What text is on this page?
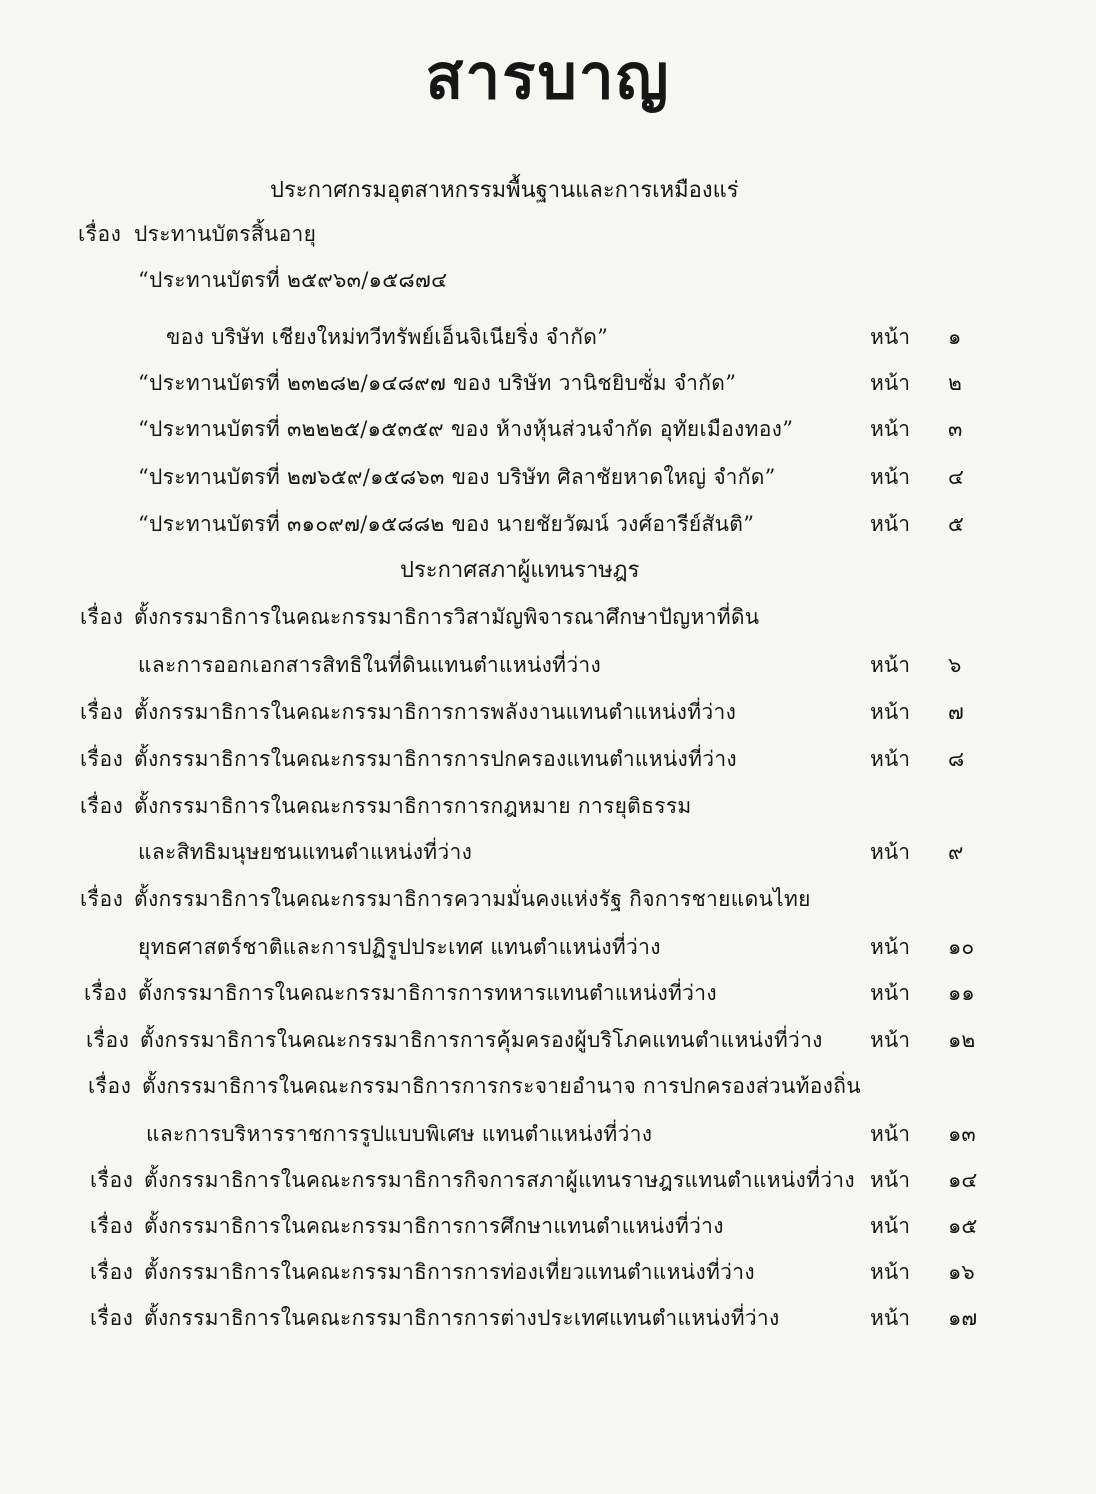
สารบาญ
ประกาศกรมอุตสาหกรรมพื้นฐานและการเหมืองแร่
เรื่อง ประทานบัตรสิ้นอายุ
“ประทานบัตรที่ ๒๕๙๖๓/๑๕๘๗๔
ของ บริษัท เชียงใหม่ทวีทรัพย์เอ็นจิเนียริ่ง จำกัด”	หน้า ๑
“ประทานบัตรที่ ๒๓๒๘๒/๑๔๘๙๗ ของ บริษัท วานิชยิบซั่ม จำกัด”	หน้า ๒
“ประทานบัตรที่ ๓๒๒๒๕/๑๕๓๕๙ ของ ห้างหุ้นส่วนจำกัด อุทัยเมืองทอง”	หน้า ๓
“ประทานบัตรที่ ๒๗๖๕๙/๑๕๘๖๓ ของ บริษัท ศิลาชัยหาดใหญ่ จำกัด”	หน้า ๔
“ประทานบัตรที่ ๓๑๐๙๗/๑๕๘๘๒ ของ นายชัยวัฒน์ วงศ์อารีย์สันติ”	หน้า ๕
ประกาศสภาผู้แทนราษฎร
เรื่อง ตั้งกรรมาธิการในคณะกรรมาธิการวิสามัญพิจารณาศึกษาปัญหาที่ดิน
และการออกเอกสารสิทธิในที่ดินแทนตำแหน่งที่ว่าง	หน้า ๖
เรื่อง ตั้งกรรมาธิการในคณะกรรมาธิการการพลังงานแทนตำแหน่งที่ว่าง	หน้า ๗
เรื่อง ตั้งกรรมาธิการในคณะกรรมาธิการการปกครองแทนตำแหน่งที่ว่าง	หน้า ๘
เรื่อง ตั้งกรรมาธิการในคณะกรรมาธิการการกฎหมาย การยุติธรรม
และสิทธิมนุษยชนแทนตำแหน่งที่ว่าง	หน้า ๙
เรื่อง ตั้งกรรมาธิการในคณะกรรมาธิการความมั่นคงแห่งรัฐ กิจการชายแดนไทย
ยุทธศาสตร์ชาติและการปฏิรูปประเทศ แทนตำแหน่งที่ว่าง	หน้า ๑๐
เรื่อง ตั้งกรรมาธิการในคณะกรรมาธิการการทหารแทนตำแหน่งที่ว่าง	หน้า ๑๑
เรื่อง ตั้งกรรมาธิการในคณะกรรมาธิการการคุ้มครองผู้บริโภคแทนตำแหน่งที่ว่าง หน้า ๑๒
เรื่อง ตั้งกรรมาธิการในคณะกรรมาธิการการกระจายอำนาจ การปกครองส่วนท้องถิ่น
และการบริหารราชการรูปแบบพิเศษ แทนตำแหน่งที่ว่าง	หน้า ๑๓
เรื่อง ตั้งกรรมาธิการในคณะกรรมาธิการกิจการสภาผู้แทนราษฎรแทนตำแหน่งที่ว่าง หน้า ๑๔
เรื่อง ตั้งกรรมาธิการในคณะกรรมาธิการการศึกษาแทนตำแหน่งที่ว่าง	หน้า ๑๕
เรื่อง ตั้งกรรมาธิการในคณะกรรมาธิการการท่องเที่ยวแทนตำแหน่งที่ว่าง	หน้า ๑๖
เรื่อง ตั้งกรรมาธิการในคณะกรรมาธิการการต่างประเทศแทนตำแหน่งที่ว่าง	หน้า ๑๗
